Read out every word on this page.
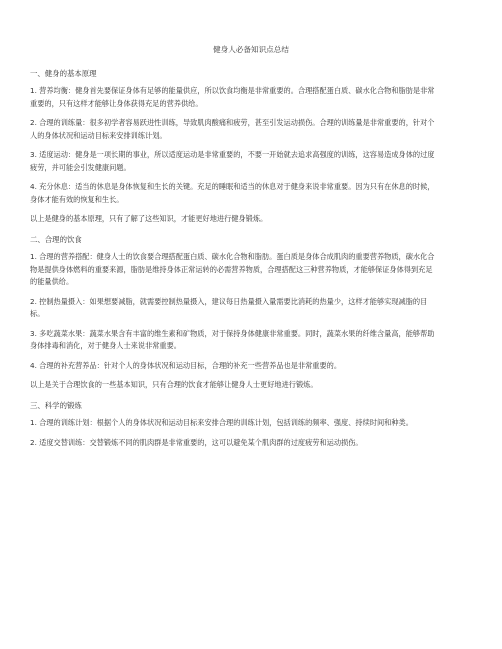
健身人必备知识点总结
一、健身的基本原理

1. 营养均衡：健身首先要保证身体有足够的能量供应，所以饮食均衡是非常重要的。合理搭配蛋白质、碳水化合物和脂肪是非常重要的，只有这样才能够让身体获得充足的营养供给。

2. 合理的训练量：很多初学者容易跃进性训练，导致肌肉酸痛和疲劳，甚至引发运动损伤。合理的训练量是非常重要的，针对个人的身体状况和运动目标来安排训练计划。

3. 适度运动：健身是一项长期的事业，所以适度运动是非常重要的，不要一开始就去追求高强度的训练，这容易造成身体的过度疲劳，并可能会引发健康问题。

4. 充分休息：适当的休息是身体恢复和生长的关键。充足的睡眠和适当的休息对于健身来说非常重要。因为只有在休息的时候，身体才能有效的恢复和生长。

以上是健身的基本原理，只有了解了这些知识，才能更好地进行健身锻炼。

二、合理的饮食

1. 合理的营养搭配：健身人士的饮食要合理搭配蛋白质、碳水化合物和脂肪。蛋白质是身体合成肌肉的重要营养物质，碳水化合物是提供身体燃料的重要来源，脂肪是维持身体正常运转的必需营养物质，合理搭配这三种营养物质，才能够保证身体得到充足的能量供给。

2. 控制热量摄入：如果想要减脂，就需要控制热量摄入，建议每日热量摄入量需要比消耗的热量少，这样才能够实现减脂的目标。

3. 多吃蔬菜水果：蔬菜水果含有丰富的维生素和矿物质，对于保持身体健康非常重要。同时，蔬菜水果的纤维含量高，能够帮助身体排毒和消化，对于健身人士来说非常重要。

4. 合理的补充营养品：针对个人的身体状况和运动目标，合理的补充一些营养品也是非常重要的。

以上是关于合理饮食的一些基本知识，只有合理的饮食才能够让健身人士更好地进行锻炼。

三、科学的锻炼

1. 合理的训练计划：根据个人的身体状况和运动目标来安排合理的训练计划，包括训练的频率、强度、持续时间和种类。

2. 适度交替训练：交替锻炼不同的肌肉群是非常重要的，这可以避免某个肌肉群的过度疲劳和运动损伤。
